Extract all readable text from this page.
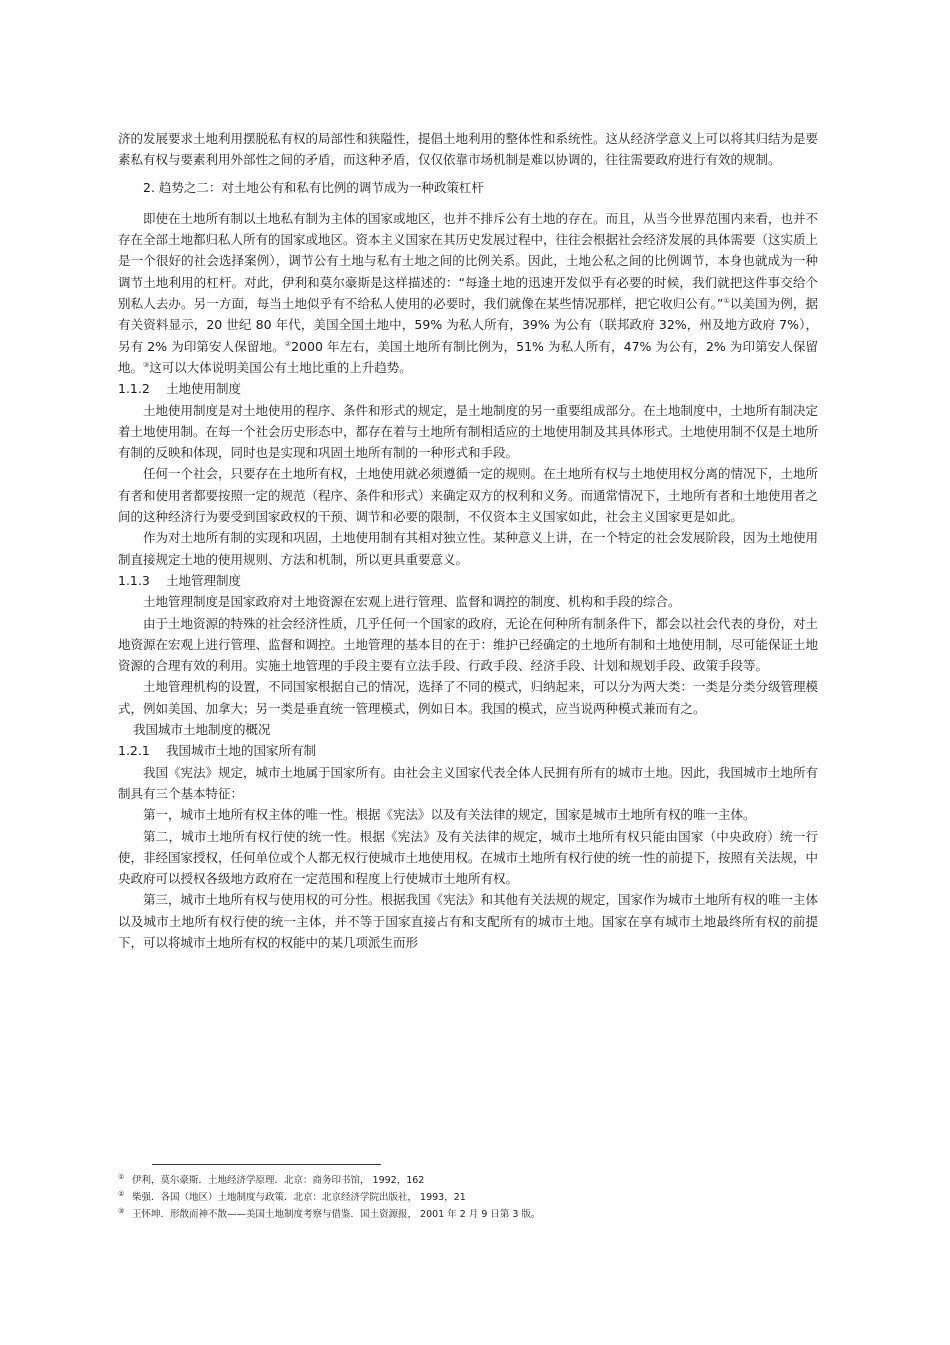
济的发展要求土地利用摆脱私有权的局部性和狭隘性，提倡土地利用的整体性和系统性。这从经济学意义上可以将其归结为是要素私有权与要素利用外部性之间的矛盾，而这种矛盾，仅仅依靠市场机制是难以协调的，往往需要政府进行有效的规制。

2. 趋势之二：对土地公有和私有比例的调节成为一种政策杠杆

即使在土地所有制以土地私有制为主体的国家或地区，也并不排斥公有土地的存在。而且，从当今世界范围内来看，也并不存在全部土地都归私人所有的国家或地区。资本主义国家在其历史发展过程中，往往会根据社会经济发展的具体需要（这实质上是一个很好的社会选择案例），调节公有土地与私有土地之间的比例关系。因此，土地公私之间的比例调节，本身也就成为一种调节土地利用的杠杆。对此，伊利和莫尔豪斯是这样描述的：“每逢土地的迅速开发似乎有必要的时候，我们就把这件事交给个别私人去办。另一方面，每当土地似乎有不给私人使用的必要时，我们就像在某些情况那样，把它收归公有。”①以美国为例，据有关资料显示，20 世纪 80 年代，美国全国土地中，59% 为私人所有，39% 为公有（联邦政府 32%，州及地方政府 7%），另有 2% 为印第安人保留地。②2000 年左右，美国土地所有制比例为，51% 为私人所有，47% 为公有，2% 为印第安人保留地。③这可以大体说明美国公有土地比重的上升趋势。

1.1.2 土地使用制度

土地使用制度是对土地使用的程序、条件和形式的规定，是土地制度的另一重要组成部分。在土地制度中，土地所有制决定着土地使用制。在每一个社会历史形态中，都存在着与土地所有制相适应的土地使用制及其具体形式。土地使用制不仅是土地所有制的反映和体现，同时也是实现和巩固土地所有制的一种形式和手段。

任何一个社会，只要存在土地所有权，土地使用就必须遵循一定的规则。在土地所有权与土地使用权分离的情况下，土地所有者和使用者都要按照一定的规范（程序、条件和形式）来确定双方的权利和义务。而通常情况下，土地所有者和土地使用者之间的这种经济行为要受到国家政权的干预、调节和必要的限制，不仅资本主义国家如此，社会主义国家更是如此。

作为对土地所有制的实现和巩固，土地使用制有其相对独立性。某种意义上讲，在一个特定的社会发展阶段，因为土地使用制直接规定土地的使用规则、方法和机制，所以更具重要意义。

1.1.3 土地管理制度

土地管理制度是国家政府对土地资源在宏观上进行管理、监督和调控的制度、机构和手段的综合。

由于土地资源的特殊的社会经济性质，几乎任何一个国家的政府，无论在何种所有制条件下，都会以社会代表的身份，对土地资源在宏观上进行管理、监督和调控。土地管理的基本目的在于：维护已经确定的土地所有制和土地使用制，尽可能保证土地资源的合理有效的利用。实施土地管理的手段主要有立法手段、行政手段、经济手段、计划和规划手段、政策手段等。

土地管理机构的设置，不同国家根据自己的情况，选择了不同的模式，归纳起来，可以分为两大类：一类是分类分级管理模式，例如美国、加拿大；另一类是垂直统一管理模式，例如日本。我国的模式，应当说两种模式兼而有之。

我国城市土地制度的概况

1.2.1 我国城市土地的国家所有制

我国《宪法》规定，城市土地属于国家所有。由社会主义国家代表全体人民拥有所有的城市土地。因此，我国城市土地所有制具有三个基本特征：

第一，城市土地所有权主体的唯一性。根据《宪法》以及有关法律的规定，国家是城市土地所有权的唯一主体。

第二，城市土地所有权行使的统一性。根据《宪法》及有关法律的规定，城市土地所有权只能由国家（中央政府）统一行使，非经国家授权，任何单位或个人都无权行使城市土地使用权。在城市土地所有权行使的统一性的前提下，按照有关法规，中央政府可以授权各级地方政府在一定范围和程度上行使城市土地所有权。

第三，城市土地所有权与使用权的可分性。根据我国《宪法》和其他有关法规的规定，国家作为城市土地所有权的唯一主体以及城市土地所有权行使的统一主体，并不等于国家直接占有和支配所有的城市土地。国家在享有城市土地最终所有权的前提下，可以将城市土地所有权的权能中的某几项派生而形

① 伊利，莫尔豪斯．土地经济学原理．北京：商务印书馆， 1992，162

② 柴强．各国（地区）土地制度与政策．北京：北京经济学院出版社， 1993，21

③ 王怀坤．形散而神不散——美国土地制度考察与借鉴．国土资源报， 2001 年 2 月 9 日第 3 版。
